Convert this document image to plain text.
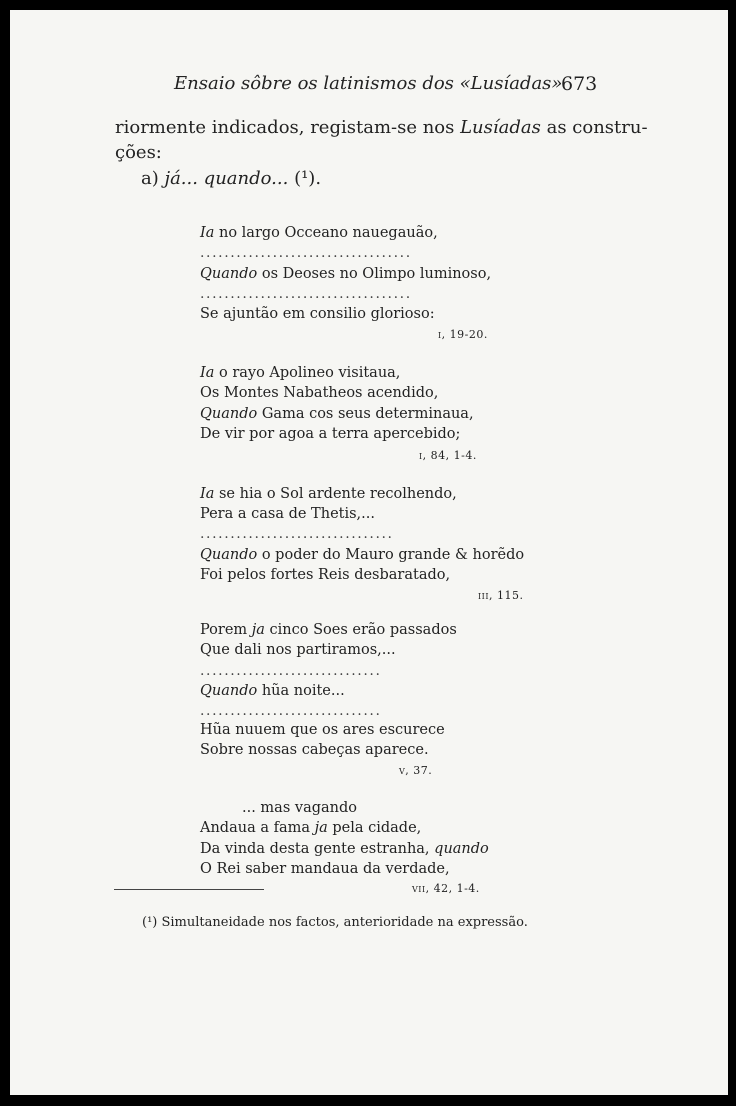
Ensaio sôbre os latinismos dos «Lusíadas»
673
riormente indicados, registam-se nos Lusíadas as constru-
ções:
a) já... quando... (¹).
Ia no largo Occeano nauegauão,
...................................
Quando os Deoses no Olimpo luminoso,
...................................
Se ajuntão em consilio glorioso:
i, 19-20.
Ia o rayo Apolineo visitaua,
Os Montes Nabatheos acendido,
Quando Gama cos seus determinaua,
De vir por agoa a terra apercebido;
i, 84, 1-4.
Ia se hia o Sol ardente recolhendo,
Pera a casa de Thetis,...
................................
Quando o poder do Mauro grande & horẽdo
Foi pelos fortes Reis desbaratado,
iii, 115.
Porem ja cinco Soes erão passados
Que dali nos partiramos,...
..............................
Quando hũa noite...
..............................
Hũa nuuem que os ares escurece
Sobre nossas cabeças aparece.
v, 37.
... mas vagando
Andaua a fama ja pela cidade,
Da vinda desta gente estranha, quando
O Rei saber mandaua da verdade,
vii, 42, 1-4.
(¹) Simultaneidade nos factos, anterioridade na expressão.
